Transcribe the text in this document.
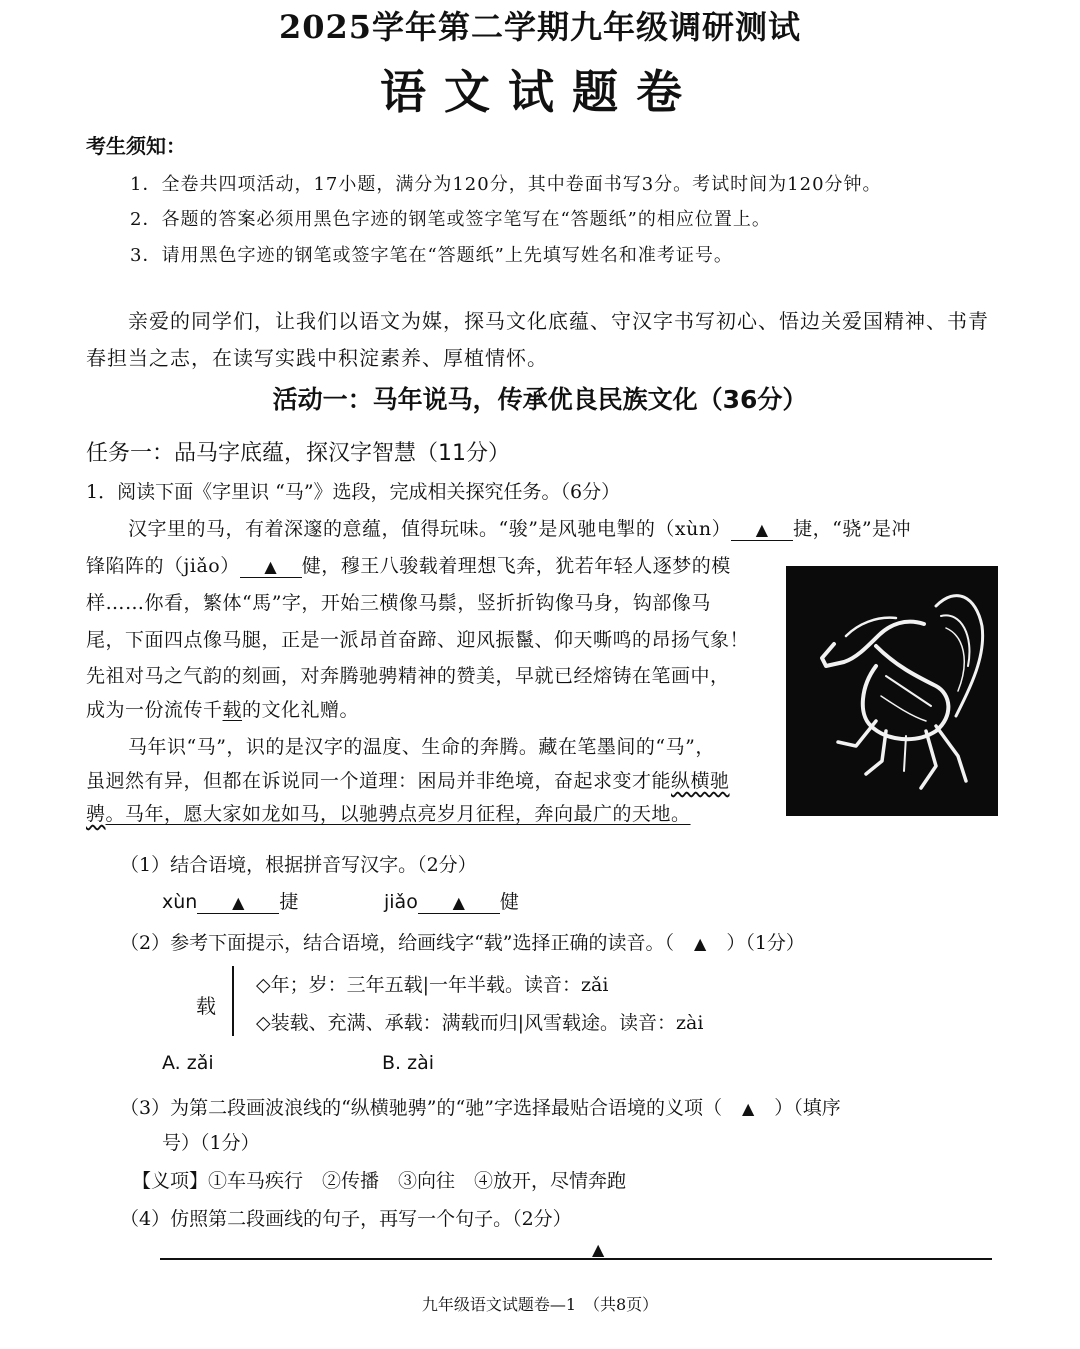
2025学年第二学期九年级调研测试
语文试题卷
考生须知：
1．全卷共四项活动，17小题，满分为120分，其中卷面书写3分。考试时间为120分钟。
2．各题的答案必须用黑色字迹的钢笔或签字笔写在“答题纸”的相应位置上。
3．请用黑色字迹的钢笔或签字笔在“答题纸”上先填写姓名和准考证号。
亲爱的同学们，让我们以语文为媒，探马文化底蕴、守汉字书写初心、悟边关爱国精神、书青
春担当之志，在读写实践中积淀素养、厚植情怀。
活动一：马年说马，传承优良民族文化（36分）
任务一：品马字底蕴，探汉字智慧（11分）
1．阅读下面《字里识 “马”》选段，完成相关探究任务。（6分）
汉字里的马，有着深邃的意蕴，值得玩味。“骏”是风驰电掣的（xùn） ▲ 捷，“骁”是冲
锋陷阵的（jiǎo） ▲ 健，穆王八骏载着理想飞奔，犹若年轻人逐梦的模
样……你看，繁体“馬”字，开始三横像马鬃，竖折折钩像马身，钩部像马
尾，下面四点像马腿，正是一派昂首奋蹄、迎风振鬣、仰天嘶鸣的昂扬气象！
先祖对马之气韵的刻画，对奔腾驰骋精神的赞美，早就已经熔铸在笔画中，
成为一份流传千载的文化礼赠。
马年识“马”，识的是汉字的温度、生命的奔腾。藏在笔墨间的“马”，
虽迥然有异，但都在诉说同一个道理：困局并非绝境，奋起求变才能纵横驰
骋。马年，愿大家如龙如马，以驰骋点亮岁月征程，奔向最广的天地。
（1）结合语境，根据拼音写汉字。（2分）
xùn ▲ 捷	jiǎo ▲ 健
（2）参考下面提示，结合语境，给画线字“载”选择正确的读音。（ ▲ ）（1分）
载
◇年；岁：三年五载|一年半载。读音：zǎi
◇装载、充满、承载：满载而归|风雪载途。读音：zài
A. zǎi	B. zài
（3）为第二段画波浪线的“纵横驰骋”的“驰”字选择最贴合语境的义项（ ▲ ）（填序
号）（1分）
【义项】①车马疾行　②传播　③向往　④放开，尽情奔跑
（4）仿照第二段画线的句子，再写一个句子。（2分）
▲
九年级语文试题卷—1　（共8页）
